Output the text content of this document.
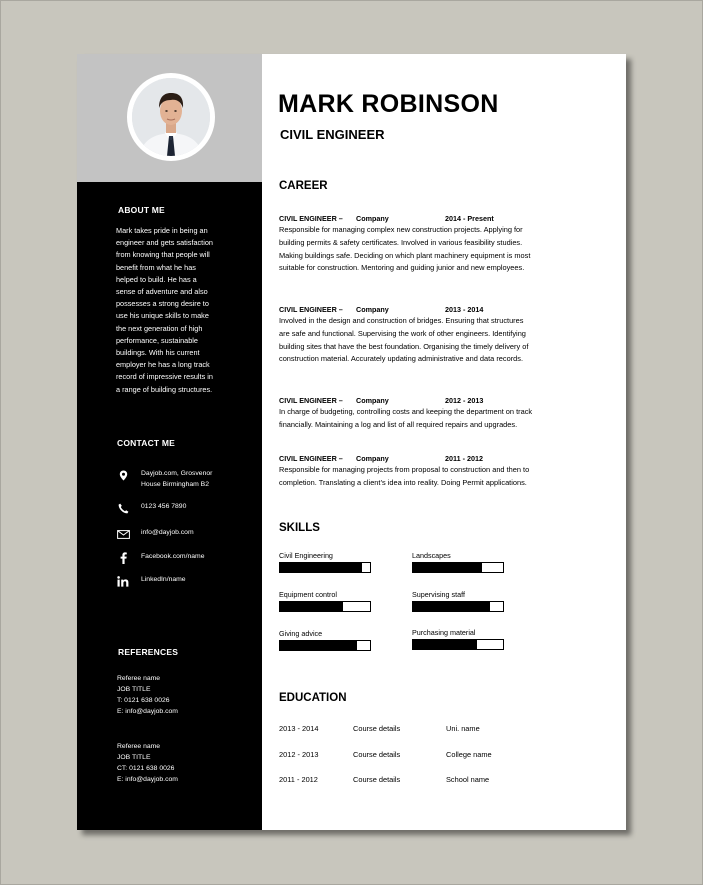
ABOUT ME
Mark takes pride in being an
engineer and gets satisfaction
from knowing that people will
benefit from what he has
helped to build. He has a
sense of adventure and also
possesses a strong desire to
use his unique skills to make
the next generation of high
performance, sustainable
buildings. With his current
employer he has a long track
record of impressive results in
a range of building structures.
CONTACT ME
Dayjob.com, Grosvenor
House Birmingham B2
0123 456 7890
info@dayjob.com
Facebook.com/name
LinkedIn/name
REFERENCES
Referee name
JOB TITLE
T: 0121 638 0026
E: info@dayjob.com
Referee name
JOB TITLE
CT: 0121 638 0026
E: info@dayjob.com
MARK ROBINSON
CIVIL ENGINEER
CAREER
CIVIL ENGINEER – Company	2014 - Present
Responsible for managing complex new construction projects. Applying for
building permits & safety certificates. Involved in various feasibility studies.
Making buildings safe. Deciding on which plant machinery equipment is most
suitable for construction. Mentoring and guiding junior and new employees.
CIVIL ENGINEER – Company	2013 - 2014
Involved in the design and construction of bridges. Ensuring that structures
are safe and functional. Supervising the work of other engineers. Identifying
building sites that have the best foundation. Organising the timely delivery of
construction material. Accurately updating administrative and data records.
CIVIL ENGINEER – Company	2012 - 2013
In charge of budgeting, controlling costs and keeping the department on track
financially. Maintaining a log and list of all required repairs and upgrades.
CIVIL ENGINEER – Company	2011 - 2012
Responsible for managing projects from proposal to construction and then to
completion. Translating a client’s idea into reality. Doing Permit applications.
SKILLS
Civil Engineering	Landscapes
Equipment control	Supervising staff
Giving advice	Purchasing material
EDUCATION
2013 - 2014	Course details	Uni. name
2012 - 2013	Course details	College name
2011 - 2012	Course details	School name
